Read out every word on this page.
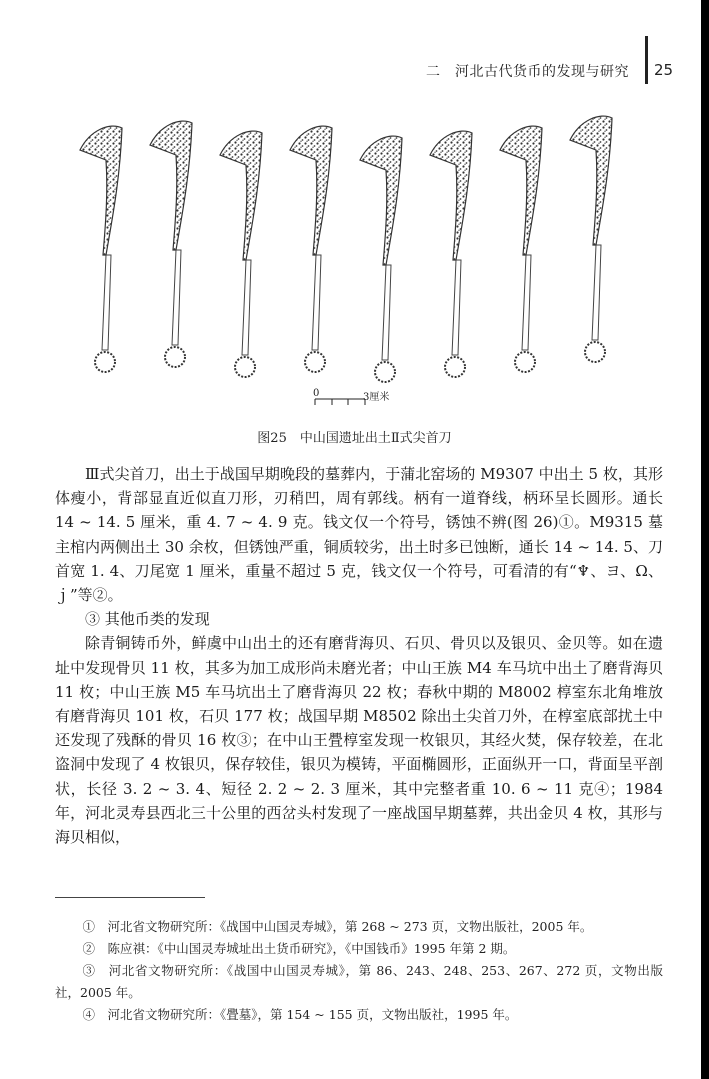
二　河北古代货币的发现与研究 25
0	3厘米
图25　中山国遗址出土Ⅱ式尖首刀

Ⅲ式尖首刀，出土于战国早期晚段的墓葬内，于蒲北窑场的 M9307 中出土 5 枚，其形体瘦小，背部显直近似直刀形，刃稍凹，周有郭线。柄有一道脊线，柄环呈长圆形。通长 14 ~ 14. 5 厘米，重 4. 7 ~ 4. 9 克。钱文仅一个符号，锈蚀不辨(图 26)①。M9315 墓主棺内两侧出土 30 余枚，但锈蚀严重，铜质较劣，出土时多已蚀断，通长 14 ~ 14. 5、刀首宽 1. 4、刀尾宽 1 厘米，重量不超过 5 克，钱文仅一个符号，可看清的有“♆、ヨ、Ω、ｊ”等②。

③ 其他币类的发现

除青铜铸币外，鲜虞中山出土的还有磨背海贝、石贝、骨贝以及银贝、金贝等。如在遗址中发现骨贝 11 枚，其多为加工成形尚未磨光者；中山王族 M4 车马坑中出土了磨背海贝 11 枚；中山王族 M5 车马坑出土了磨背海贝 22 枚；春秋中期的 M8002 椁室东北角堆放有磨背海贝 101 枚，石贝 177 枚；战国早期 M8502 除出土尖首刀外，在椁室底部扰土中还发现了残酥的骨贝 16 枚③；在中山王舋椁室发现一枚银贝，其经火焚，保存较差，在北盗洞中发现了 4 枚银贝，保存较佳，银贝为模铸，平面椭圆形，正面纵开一口，背面呈平剖状，长径 3. 2 ~ 3. 4、短径 2. 2 ~ 2. 3 厘米，其中完整者重 10. 6 ~ 11 克④；1984 年，河北灵寿县西北三十公里的西岔头村发现了一座战国早期墓葬，共出金贝 4 枚，其形与海贝相似，

①　河北省文物研究所：《战国中山国灵寿城》，第 268 ~ 273 页，文物出版社，2005 年。

②　陈应祺：《中山国灵寿城址出土货币研究》，《中国钱币》1995 年第 2 期。

③　河北省文物研究所：《战国中山国灵寿城》，第 86、243、248、253、267、272 页，文物出版社，2005 年。

④　河北省文物研究所：《舋墓》，第 154 ~ 155 页，文物出版社，1995 年。
